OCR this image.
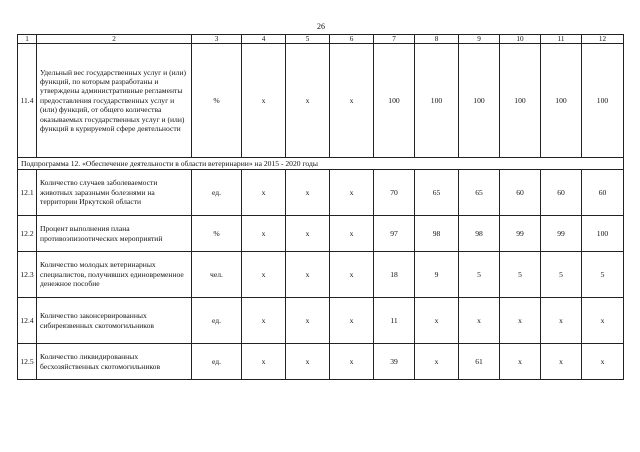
26
1	2	3	4	5	6	7	8	9	10	11	12
11.4	Удельный вес государственных услуг и (или) функций, по которым разработаны и утверждены административные регламенты предоставления государственных услуг и (или) функций, от общего количества оказываемых государственных услуг и (или) функций в курируемой сфере деятельности	%	х	х	х	100	100	100	100	100	100
Подпрограмма 12. «Обеспечение деятельности в области ветеринарии» на 2015 - 2020 годы											
12.1	Количество случаев заболеваемости животных заразными болезнями на территории Иркутской области	ед.	х	х	х	70	65	65	60	60	60
12.2	Процент выполнения плана противоэпизоотических мероприятий	%	х	х	х	97	98	98	99	99	100
12.3	Количество молодых ветеринарных специалистов, получивших единовременное денежное пособие	чел.	х	х	х	18	9	5	5	5	5
12.4	Количество законсервированных сибиреязвенных скотомогильников	ед.	х	х	х	11	х	х	х	х	х
12.5	Количество ликвидированных бесхозяйственных скотомогильников	ед.	х	х	х	39	х	61	х	х	х
